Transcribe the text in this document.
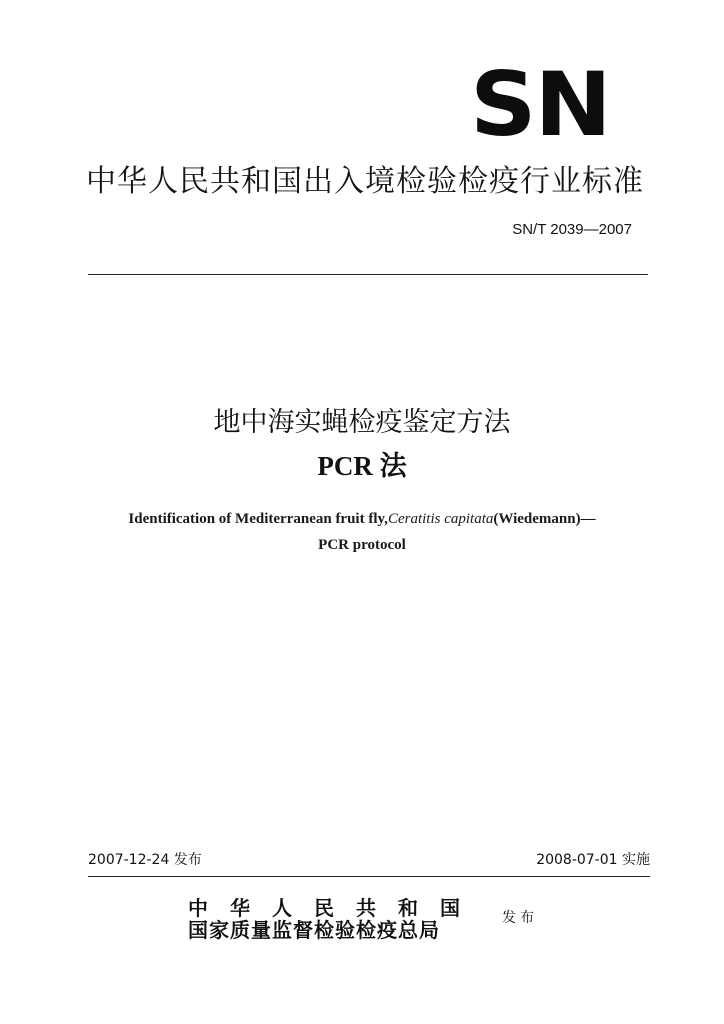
SN
中华人民共和国出入境检验检疫行业标准
SN/T 2039—2007
地中海实蝇检疫鉴定方法
PCR 法
Identification of Mediterranean fruit fly,Ceratitis capitata(Wiedemann)—
PCR protocol
2007-12-24 发布	2008-07-01 实施
中华人民共和国
国家质量监督检验检疫总局	发布
